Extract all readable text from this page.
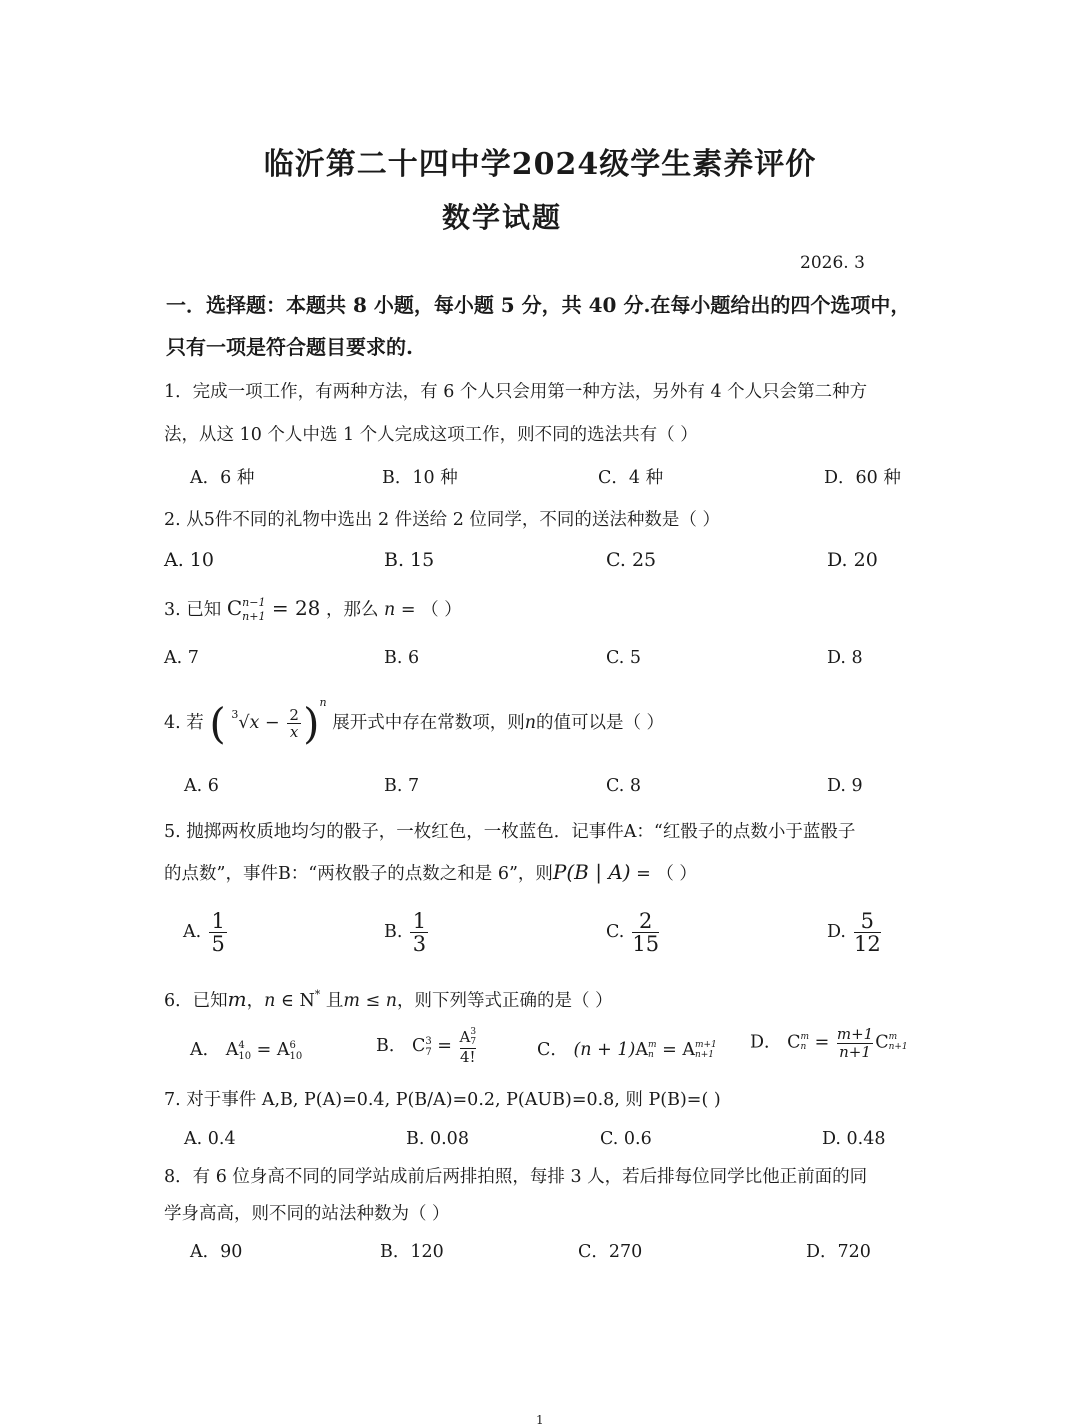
临沂第二十四中学2024级学生素养评价
数学试题
2026. 3
一．选择题：本题共 8 小题，每小题 5 分，共 40 分.在每小题给出的四个选项中，
只有一项是符合题目要求的.
1．完成一项工作，有两种方法，有 6 个人只会用第一种方法，另外有 4 个人只会第二种方
法，从这 10 个人中选 1 个人完成这项工作，则不同的选法共有（ ）
A．6 种	B．10 种	C．4 种	D．60 种
2. 从5件不同的礼物中选出 2 件送给 2 位同学，不同的送法种数是（ ）
A. 10	B. 15	C. 25	D. 20
3. 已知 C n−1
n+1 = 28 ，那么 n = （ ）
A. 7	B. 6	C. 5	D. 8
4. 若 ( $^3√x - \frac{2}{x} )^n$ 展开式中存在常数项，则n的值可以是（ ）
A. 6	B. 7	C. 8	D. 9
5. 抛掷两枚质地均匀的骰子，一枚红色，一枚蓝色．记事件A：“红骰子的点数小于蓝骰子
的点数”，事件B：“两枚骰子的点数之和是 6”，则P(B | A) = （ ）
A. $\frac{1}{5}$	B. $\frac{1}{3}$	C. $\frac{2}{15}$	D. $\frac{5}{12}$
6．已知m，n ∈ N* 且m ≤ n，则下列等式正确的是（ ）
A． A 4
10 = A 6
10	B． C 3
7 = A 3
7
4!	C． (n + 1)A m
n = A m+1
n+1
D． C m
$n = \frac{m+1}{n+1}$ C m
n+1
7. 对于事件 A,B, P(A)=0.4, P(B/A)=0.2, P(AUB)=0.8, 则 P(B)=( )
A. 0.4	B. 0.08	C. 0.6	D. 0.48
8．有 6 位身高不同的同学站成前后两排拍照，每排 3 人，若后排每位同学比他正前面的同
学身高高，则不同的站法种数为（ ）
A．90	B．120	C．270	D．720
1
